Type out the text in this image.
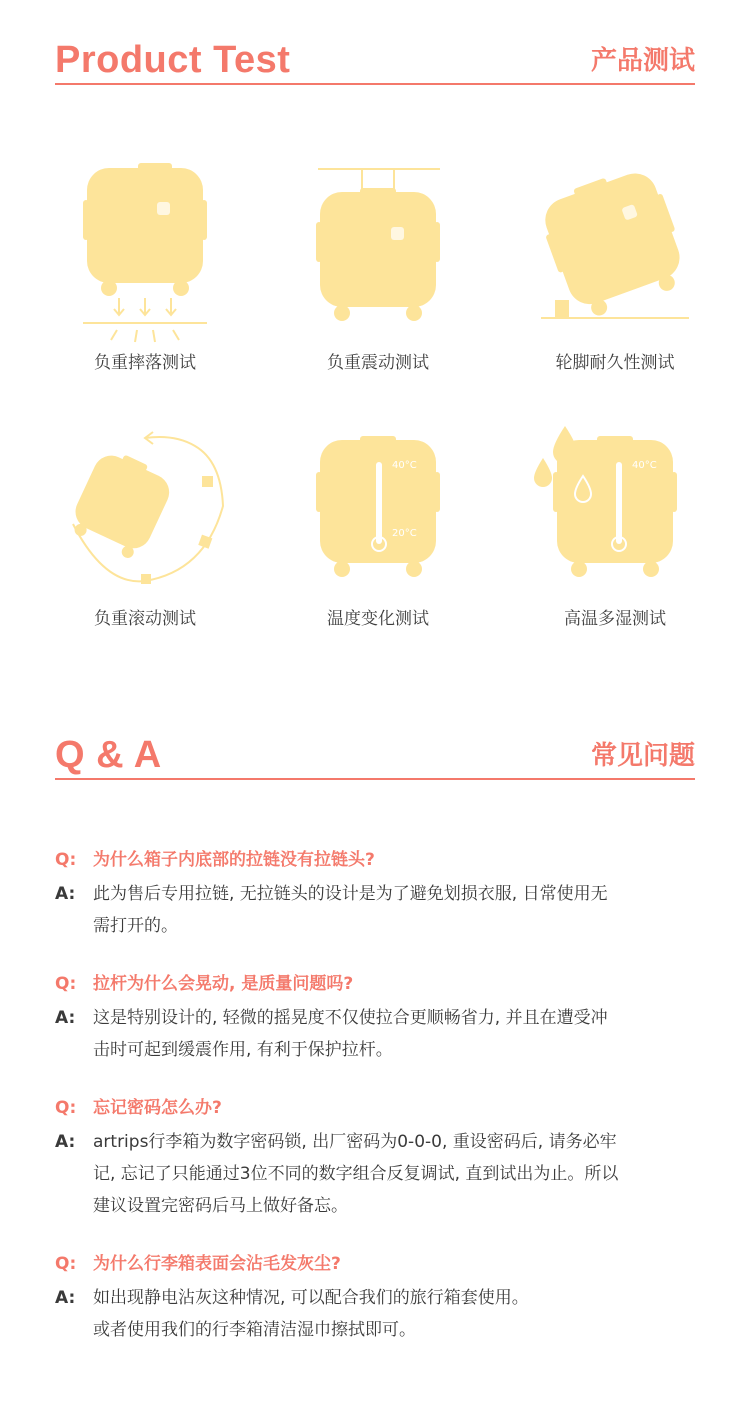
Product Test	产品测试
负重摔落测试	负重震动测试	轮脚耐久性测试
负重滚动测试
40°C
20°C
温度变化测试
40°C
高温多湿测试
Q & A	常见问题
Q: 为什么箱子内底部的拉链没有拉链头?
A:	此为售后专用拉链, 无拉链头的设计是为了避免划损衣服, 日常使用无
需打开的。
Q: 拉杆为什么会晃动, 是质量问题吗?
A:	这是特别设计的, 轻微的摇晃度不仅使拉合更顺畅省力, 并且在遭受冲
击时可起到缓震作用, 有利于保护拉杆。
Q: 忘记密码怎么办?
A:	artrips行李箱为数字密码锁, 出厂密码为0-0-0, 重设密码后, 请务必牢
记, 忘记了只能通过3位不同的数字组合反复调试, 直到试出为止。所以
建议设置完密码后马上做好备忘。
Q: 为什么行李箱表面会沾毛发灰尘?
A:	如出现静电沾灰这种情况, 可以配合我们的旅行箱套使用。
或者使用我们的行李箱清洁湿巾擦拭即可。
